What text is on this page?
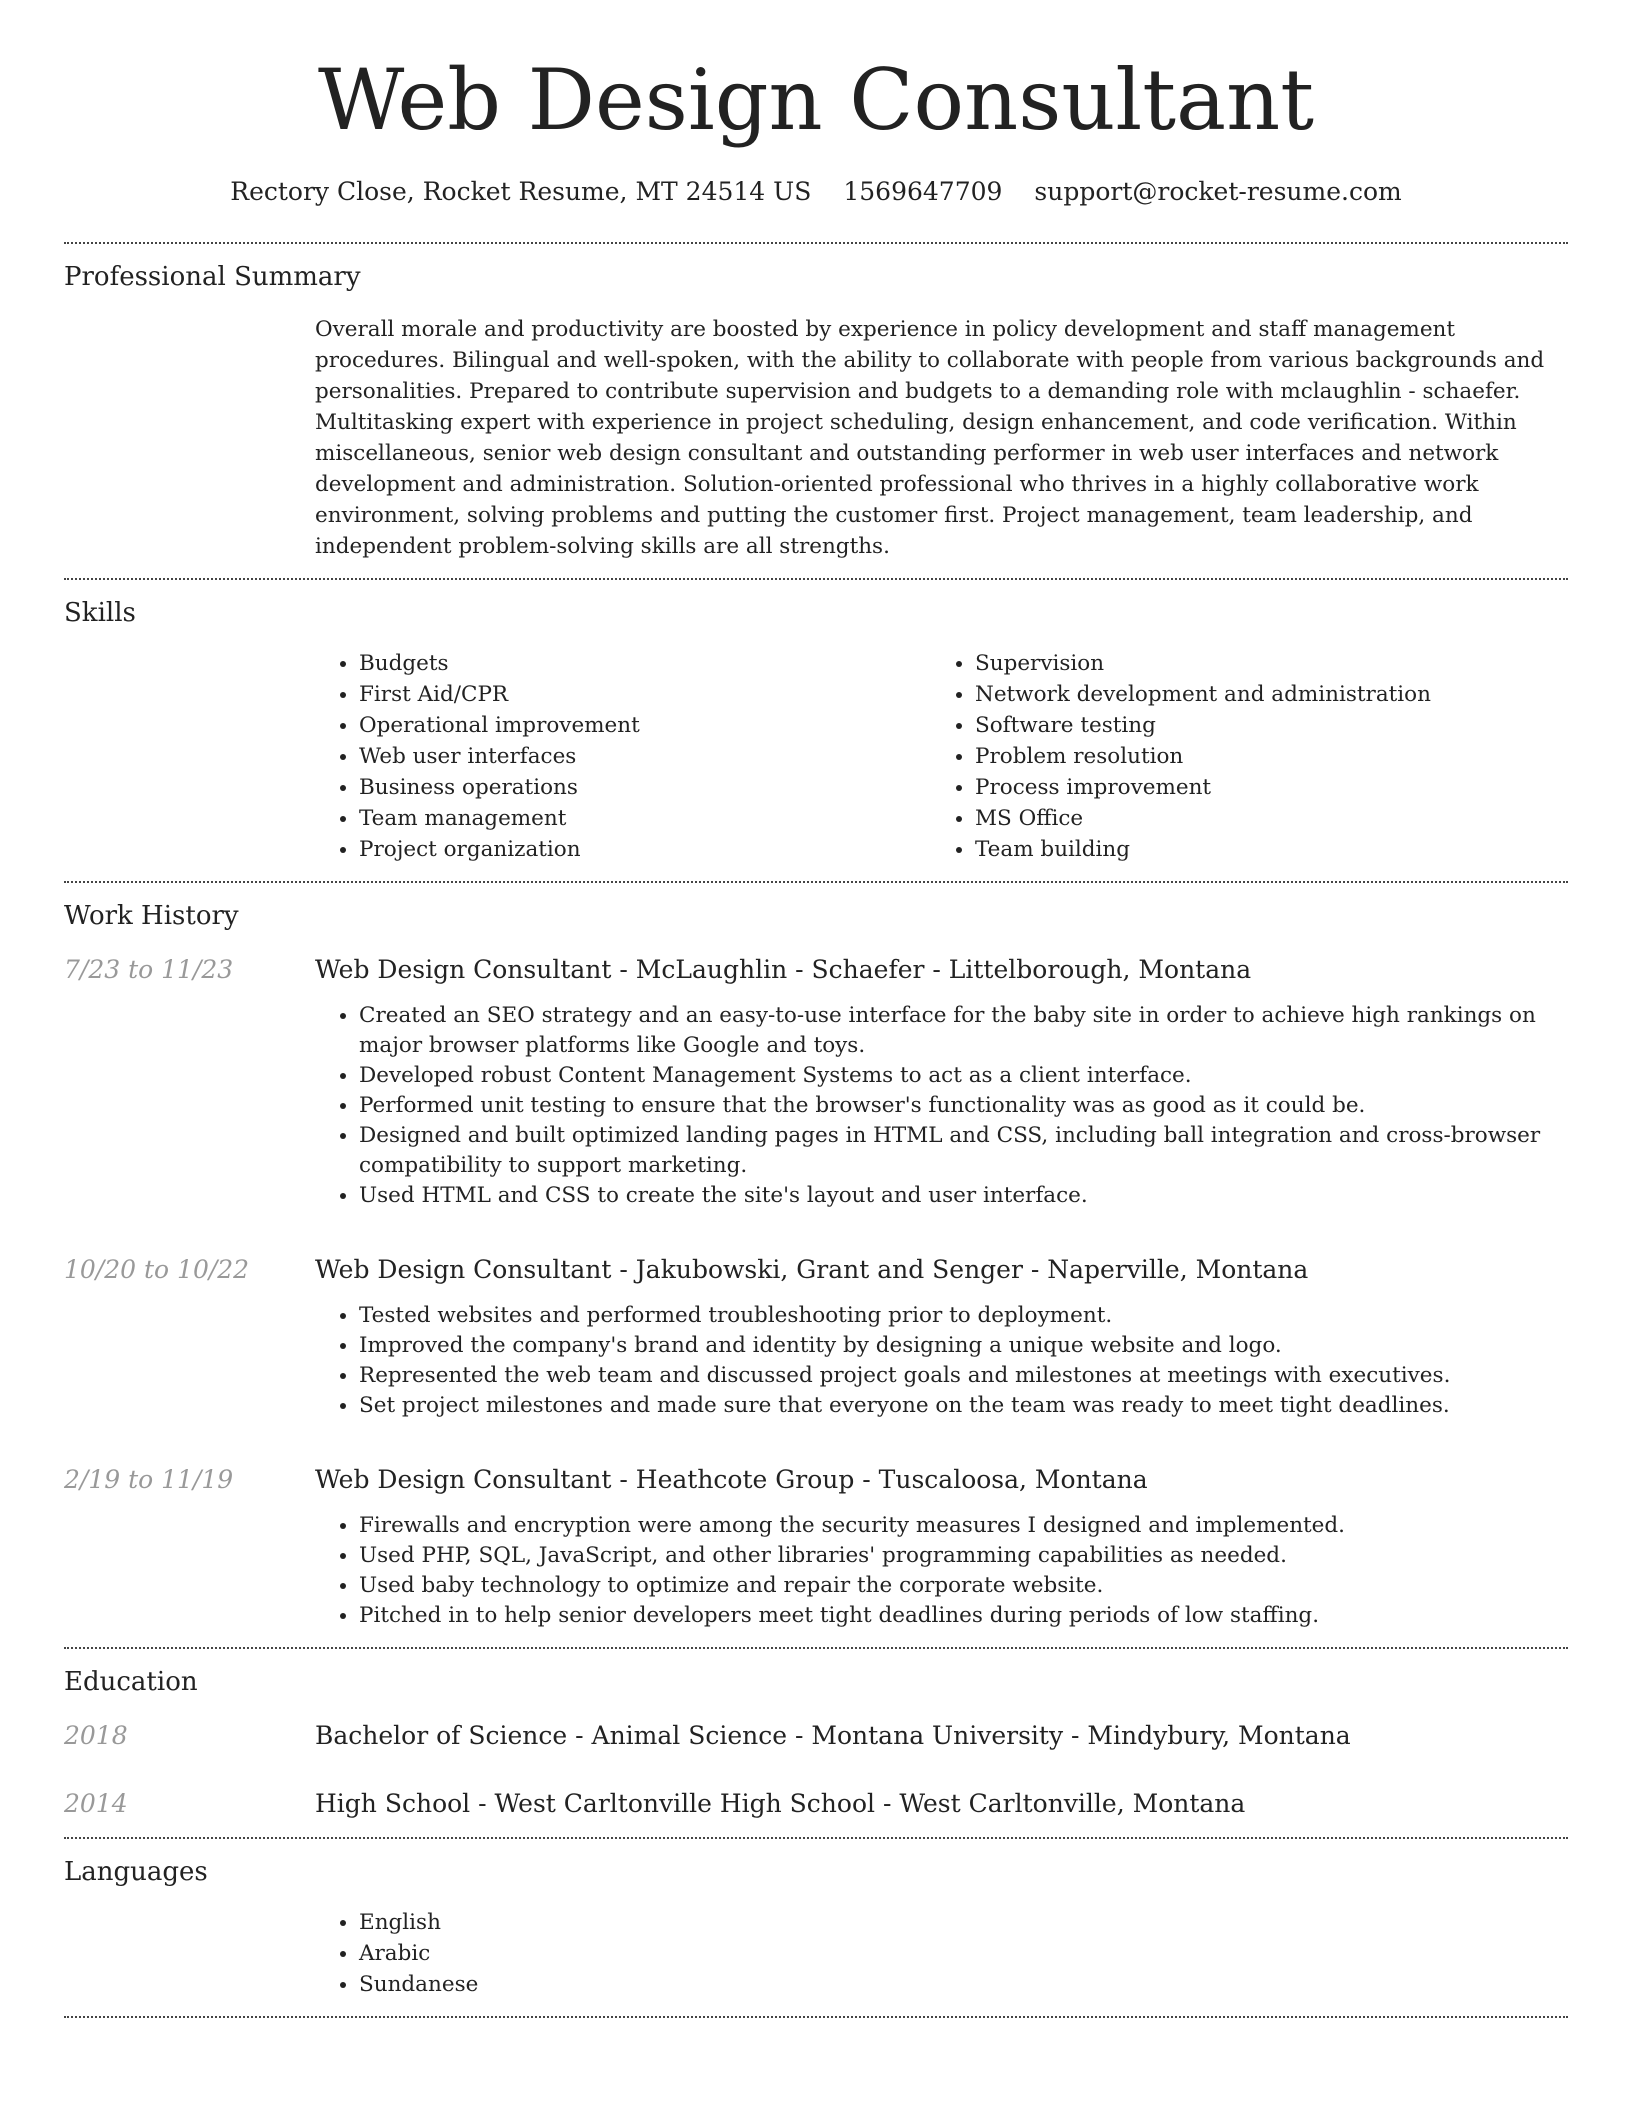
Web Design Consultant
Rectory Close, Rocket Resume, MT 24514 US 1569647709 support@rocket-resume.com
Professional Summary

Overall morale and productivity are boosted by experience in policy development and staff management procedures. Bilingual and well-spoken, with the ability to collaborate with people from various backgrounds and personalities. Prepared to contribute supervision and budgets to a demanding role with mclaughlin - schaefer. Multitasking expert with experience in project scheduling, design enhancement, and code verification. Within miscellaneous, senior web design consultant and outstanding performer in web user interfaces and network development and administration. Solution-oriented professional who thrives in a highly collaborative work environment, solving problems and putting the customer first. Project management, team leadership, and independent problem-solving skills are all strengths.

Skills
• Budgets
• First Aid/CPR
• Operational improvement
• Web user interfaces
• Business operations
• Team management
• Project organization
• Supervision
• Network development and administration
• Software testing
• Problem resolution
• Process improvement
• MS Office
• Team building
Work History
7/23 to 11/23	Web Design Consultant - McLaughlin - Schaefer - Littelborough, Montana
• Created an SEO strategy and an easy-to-use interface for the baby site in order to achieve high rankings on major browser platforms like Google and toys.
• Developed robust Content Management Systems to act as a client interface.
• Performed unit testing to ensure that the browser's functionality was as good as it could be.
• Designed and built optimized landing pages in HTML and CSS, including ball integration and cross-browser compatibility to support marketing.
• Used HTML and CSS to create the site's layout and user interface.
10/20 to 10/22	Web Design Consultant - Jakubowski, Grant and Senger - Naperville, Montana
• Tested websites and performed troubleshooting prior to deployment.
• Improved the company's brand and identity by designing a unique website and logo.
• Represented the web team and discussed project goals and milestones at meetings with executives.
• Set project milestones and made sure that everyone on the team was ready to meet tight deadlines.
2/19 to 11/19	Web Design Consultant - Heathcote Group - Tuscaloosa, Montana
• Firewalls and encryption were among the security measures I designed and implemented.
• Used PHP, SQL, JavaScript, and other libraries' programming capabilities as needed.
• Used baby technology to optimize and repair the corporate website.
• Pitched in to help senior developers meet tight deadlines during periods of low staffing.
Education
2018	Bachelor of Science - Animal Science - Montana University - Mindybury, Montana
2014	High School - West Carltonville High School - West Carltonville, Montana
Languages
• English
• Arabic
• Sundanese
